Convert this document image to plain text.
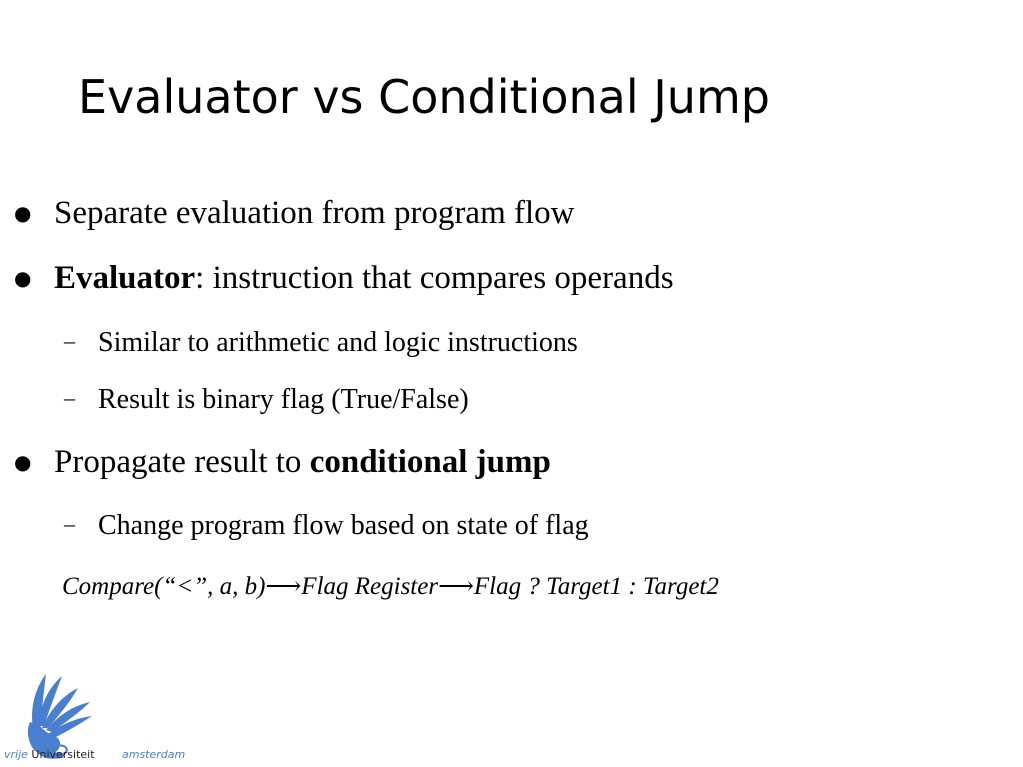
Evaluator vs Conditional Jump
● Separate evaluation from program flow
● Evaluator: instruction that compares operands
– Similar to arithmetic and logic instructions
– Result is binary flag (True/False)
● Propagate result to conditional jump
– Change program flow based on state of flag
Compare(“<”, a, b)⟶Flag Register⟶Flag ? Target1 : Target2
vrije Universiteit amsterdam
